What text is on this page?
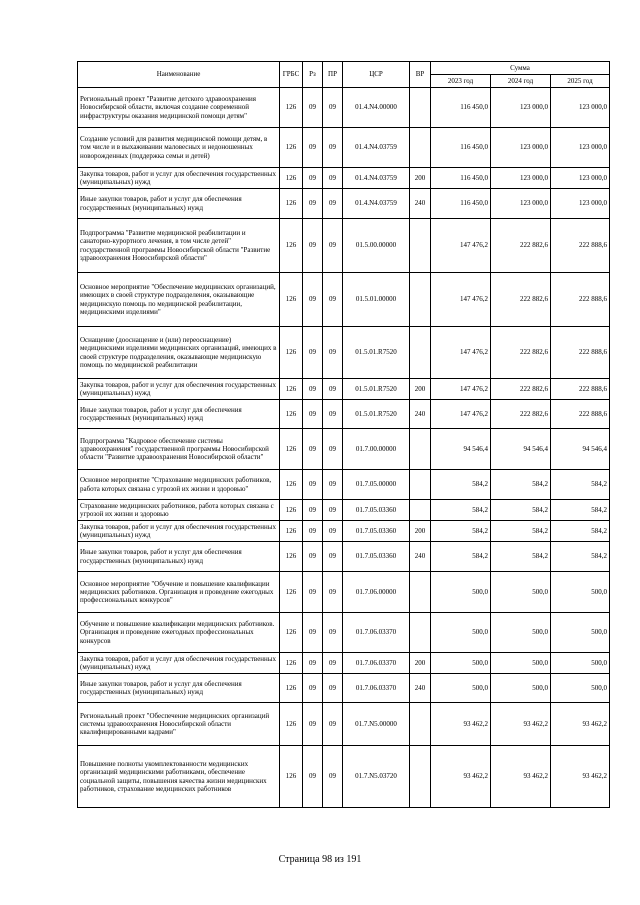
Наименование	ГРБС	Рз	ПР	ЦСР	ВР	Сумма		
						2023 год	2024 год	2025 год
Региональный проект "Развитие детского здравоохранения Новосибирской области, включая создание современной инфраструктуры оказания медицинской помощи детям"	126	09	09	01.4.N4.00000		116 450,0	123 000,0	123 000,0
Создание условий для развития медицинской помощи детям, в том числе и в выхаживании маловесных и недоношенных новорожденных (поддержка семьи и детей)	126	09	09	01.4.N4.03759		116 450,0	123 000,0	123 000,0
Закупка товаров, работ и услуг для обеспечения государственных (муниципальных) нужд	126	09	09	01.4.N4.03759	200	116 450,0	123 000,0	123 000,0
Иные закупки товаров, работ и услуг для обеспечения государственных (муниципальных) нужд	126	09	09	01.4.N4.03759	240	116 450,0	123 000,0	123 000,0
Подпрограмма "Развитие медицинской реабилитации и санаторно-курортного лечения, в том числе детей" государственной программы Новосибирской области "Развитие здравоохранения Новосибирской области"	126	09	09	01.5.00.00000		147 476,2	222 882,6	222 888,6
Основное мероприятие "Обеспечение медицинских организаций, имеющих в своей структуре подразделения, оказывающие медицинскую помощь по медицинской реабилитации, медицинскими изделиями"	126	09	09	01.5.01.00000		147 476,2	222 882,6	222 888,6
Оснащение (дооснащение и (или) переоснащение) медицинскими изделиями медицинских организаций, имеющих в своей структуре подразделения, оказывающие медицинскую помощь по медицинской реабилитации	126	09	09	01.5.01.R7520		147 476,2	222 882,6	222 888,6
Закупка товаров, работ и услуг для обеспечения государственных (муниципальных) нужд	126	09	09	01.5.01.R7520	200	147 476,2	222 882,6	222 888,6
Иные закупки товаров, работ и услуг для обеспечения государственных (муниципальных) нужд	126	09	09	01.5.01.R7520	240	147 476,2	222 882,6	222 888,6
Подпрограмма "Кадровое обеспечение системы здравоохранения" государственной программы Новосибирской области "Развитие здравоохранения Новосибирской области"	126	09	09	01.7.00.00000		94 546,4	94 546,4	94 546,4
Основное мероприятие "Страхование медицинских работников, работа которых связана с угрозой их жизни и здоровью"	126	09	09	01.7.05.00000		584,2	584,2	584,2
Страхование медицинских работников, работа которых связана с угрозой их жизни и здоровью	126	09	09	01.7.05.03360		584,2	584,2	584,2
Закупка товаров, работ и услуг для обеспечения государственных (муниципальных) нужд	126	09	09	01.7.05.03360	200	584,2	584,2	584,2
Иные закупки товаров, работ и услуг для обеспечения государственных (муниципальных) нужд	126	09	09	01.7.05.03360	240	584,2	584,2	584,2
Основное мероприятие "Обучение и повышение квалификации медицинских работников. Организация и проведение ежегодных профессиональных конкурсов"	126	09	09	01.7.06.00000		500,0	500,0	500,0
Обучение и повышение квалификации медицинских работников. Организация и проведение ежегодных профессиональных конкурсов	126	09	09	01.7.06.03370		500,0	500,0	500,0
Закупка товаров, работ и услуг для обеспечения государственных (муниципальных) нужд	126	09	09	01.7.06.03370	200	500,0	500,0	500,0
Иные закупки товаров, работ и услуг для обеспечения государственных (муниципальных) нужд	126	09	09	01.7.06.03370	240	500,0	500,0	500,0
Региональный проект "Обеспечение медицинских организаций системы здравоохранения Новосибирской области квалифицированными кадрами"	126	09	09	01.7.N5.00000		93 462,2	93 462,2	93 462,2
Повышение полноты укомплектованности медицинских организаций медицинскими работниками, обеспечение социальной защиты, повышения качества жизни медицинских работников, страхование медицинских работников	126	09	09	01.7.N5.03720		93 462,2	93 462,2	93 462,2
Страница 98 из 191
